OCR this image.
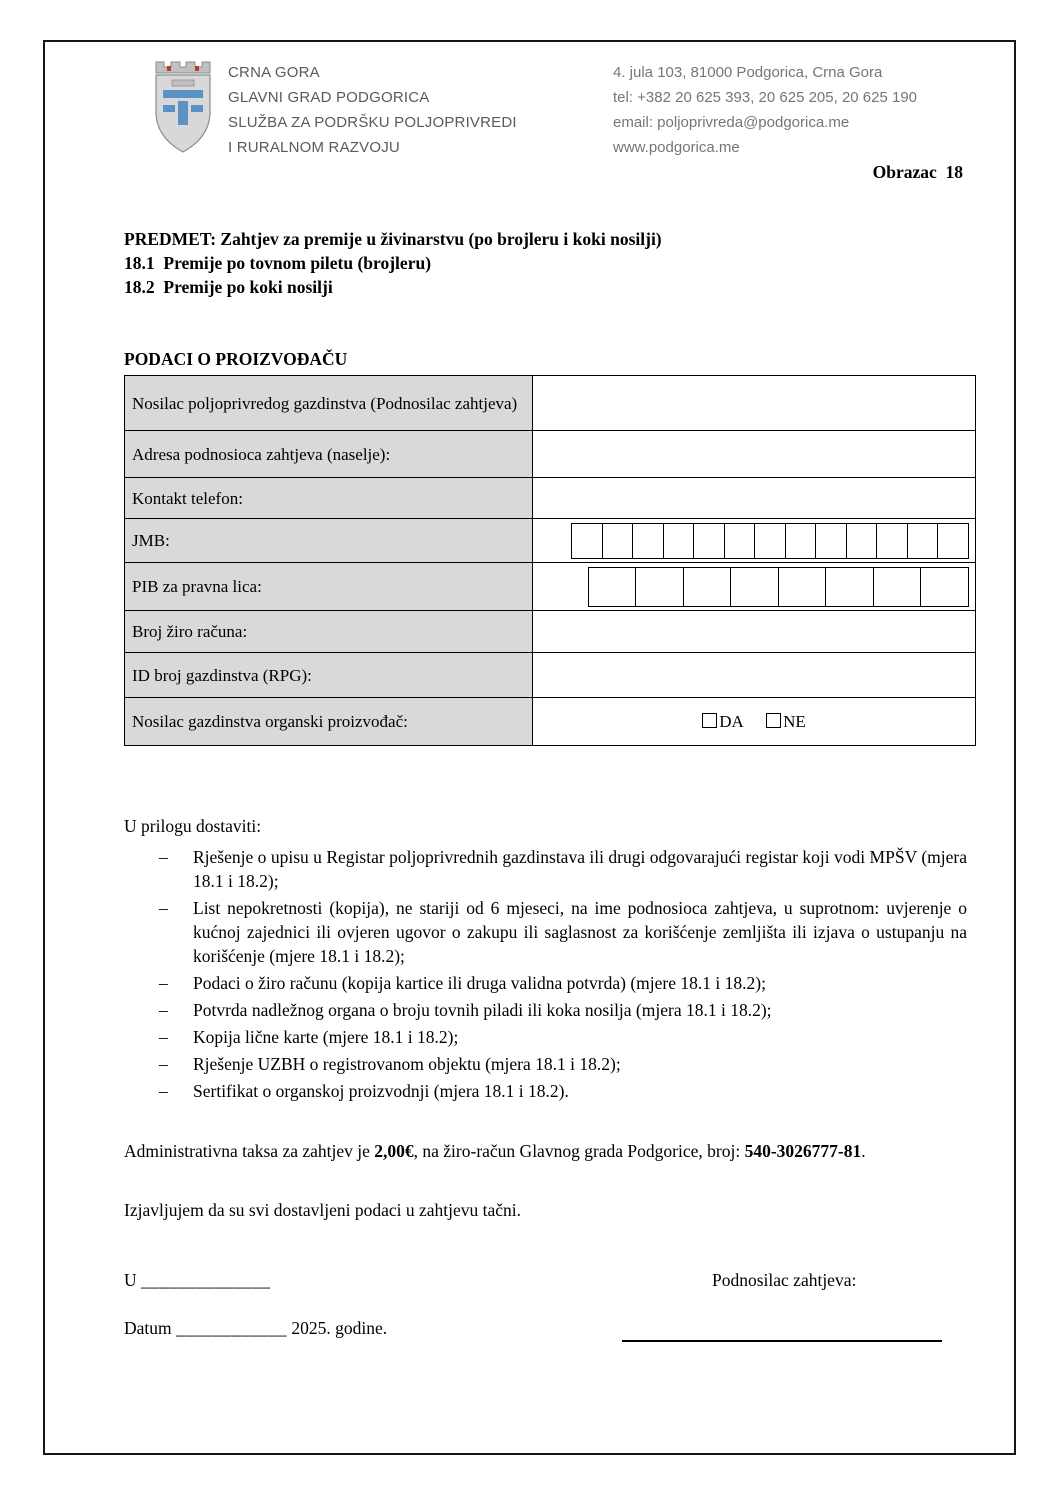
CRNA GORA
GLAVNI GRAD PODGORICA
SLUŽBA ZA PODRŠKU POLJOPRIVREDI
I RURALNOM RAZVOJU
4. jula 103, 81000 Podgorica, Crna Gora
tel: +382 20 625 393, 20 625 205, 20 625 190
email: poljoprivreda@podgorica.me
www.podgorica.me
Obrazac  18
PREDMET: Zahtjev za premije u živinarstvu (po brojleru i koki nosilji)
18.1  Premije po tovnom piletu (brojleru)
18.2  Premije po koki nosilji
PODACI O PROIZVOĐAČU
Nosilac poljoprivredog gazdinstva (Podnosilac zahtjeva)	
Adresa podnosioca zahtjeva (naselje):	
Kontakt telefon:	
JMB:	

PIB za pravna lica:	

Broj žiro računa:	
ID broj gazdinstva (RPG):	
Nosilac gazdinstva organski proizvođač:	DA NE
U prilogu dostaviti:
–	Rješenje o upisu u Registar poljoprivrednih gazdinstava ili drugi odgovarajući registar koji vodi MPŠV (mjera 18.1 i 18.2);
–	List nepokretnosti (kopija), ne stariji od 6 mjeseci, na ime podnosioca zahtjeva, u suprotnom: uvjerenje o kućnoj zajednici ili ovjeren ugovor o zakupu ili saglasnost za korišćenje zemljišta ili izjava o ustupanju na korišćenje (mjere 18.1 i 18.2);
–	Podaci o žiro računu (kopija kartice ili druga validna potvrda) (mjere 18.1 i 18.2);
–	Potvrda nadležnog organa o broju tovnih piladi ili koka nosilja (mjera 18.1 i 18.2);
–	Kopija lične karte (mjere 18.1 i 18.2);
–	Rješenje UZBH o registrovanom objektu (mjera 18.1 i 18.2);
–	Sertifikat o organskoj proizvodnji (mjera 18.1 i 18.2).

Administrativna taksa za zahtjev je 2,00€, na žiro-račun Glavnog grada Podgorice, broj: 540-3026777-81.

Izjavljujem da su svi dostavljeni podaci u zahtjevu tačni.
U ______________	Podnosilac zahtjeva:
Datum ____________ 2025. godine.
